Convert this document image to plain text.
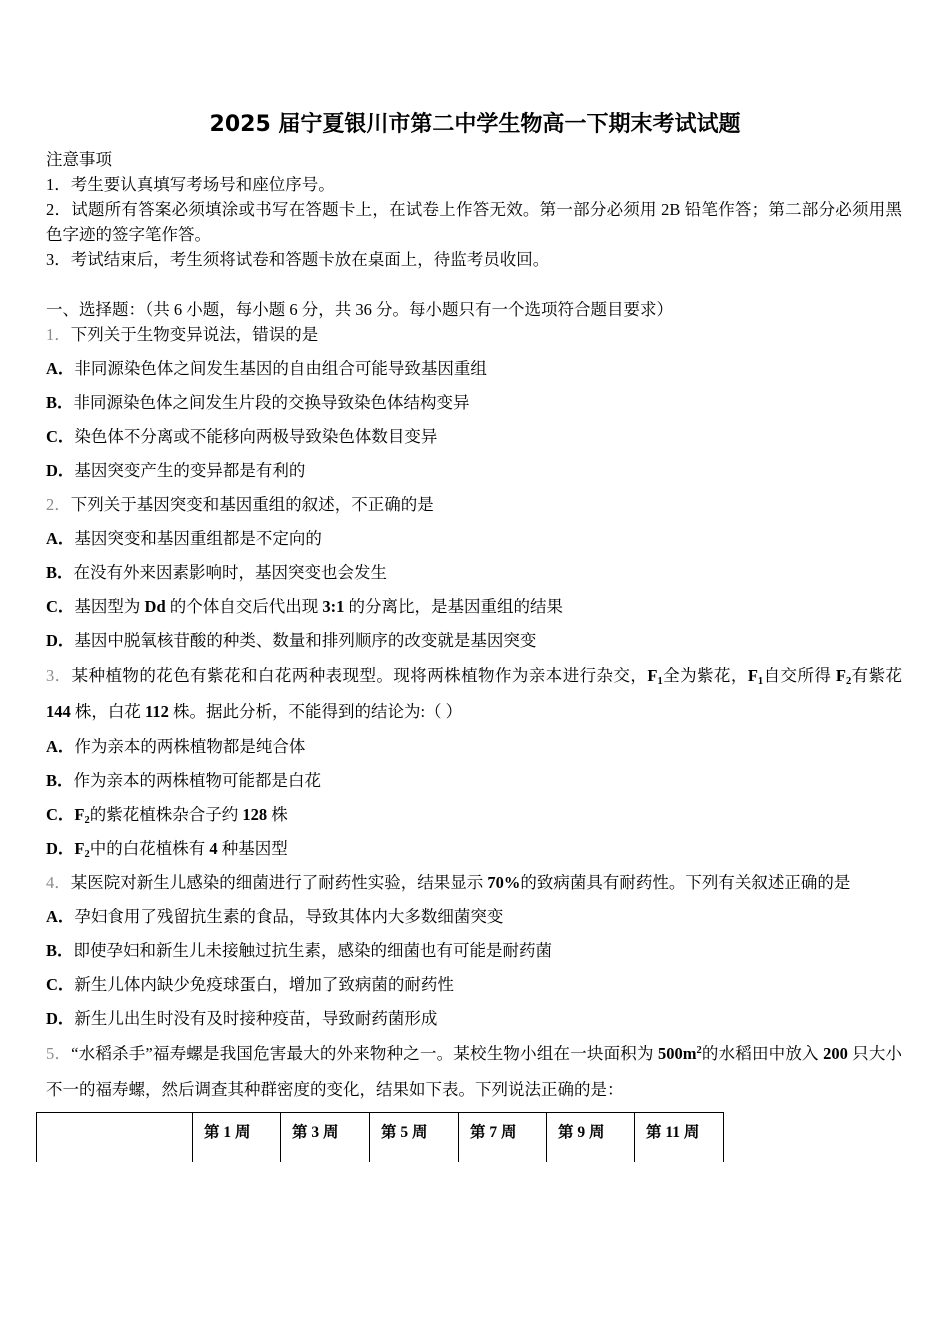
2025 届宁夏银川市第二中学生物高一下期末考试试题

注意事项

1．考生要认真填写考场号和座位序号。

2．试题所有答案必须填涂或书写在答题卡上，在试卷上作答无效。第一部分必须用 2B 铅笔作答；第二部分必须用黑色字迹的签字笔作答。

3．考试结束后，考生须将试卷和答题卡放在桌面上，待监考员收回。

一、选择题：（共 6 小题，每小题 6 分，共 36 分。每小题只有一个选项符合题目要求）

1．下列关于生物变异说法，错误的是

A．非同源染色体之间发生基因的自由组合可能导致基因重组

B．非同源染色体之间发生片段的交换导致染色体结构变异

C．染色体不分离或不能移向两极导致染色体数目变异

D．基因突变产生的变异都是有利的

2．下列关于基因突变和基因重组的叙述，不正确的是

A．基因突变和基因重组都是不定向的

B．在没有外来因素影响时，基因突变也会发生

C．基因型为 Dd 的个体自交后代出现 3:1 的分离比，是基因重组的结果

D．基因中脱氧核苷酸的种类、数量和排列顺序的改变就是基因突变

3．某种植物的花色有紫花和白花两种表现型。现将两株植物作为亲本进行杂交，$F_1$全为紫花，$F_1$自交所得 $F_2$有紫花 144 株，白花 112 株。据此分析，不能得到的结论为:（ ）

A．作为亲本的两株植物都是纯合体

B．作为亲本的两株植物可能都是白花

C．$F_2$的紫花植株杂合子约 128 株

D．$F_2$中的白花植株有 4 种基因型

4．某医院对新生儿感染的细菌进行了耐药性实验，结果显示 70%的致病菌具有耐药性。下列有关叙述正确的是

A．孕妇食用了残留抗生素的食品，导致其体内大多数细菌突变

B．即使孕妇和新生儿未接触过抗生素，感染的细菌也有可能是耐药菌

C．新生儿体内缺少免疫球蛋白，增加了致病菌的耐药性

D．新生儿出生时没有及时接种疫苗，导致耐药菌形成

5．“水稻杀手”福寿螺是我国危害最大的外来物种之一。某校生物小组在一块面积为 $500m^2$的水稻田中放入 200 只大小不一的福寿螺，然后调查其种群密度的变化，结果如下表。下列说法正确的是：

	第 1 周	第 3 周	第 5 周	第 7 周	第 9 周	第 11 周
